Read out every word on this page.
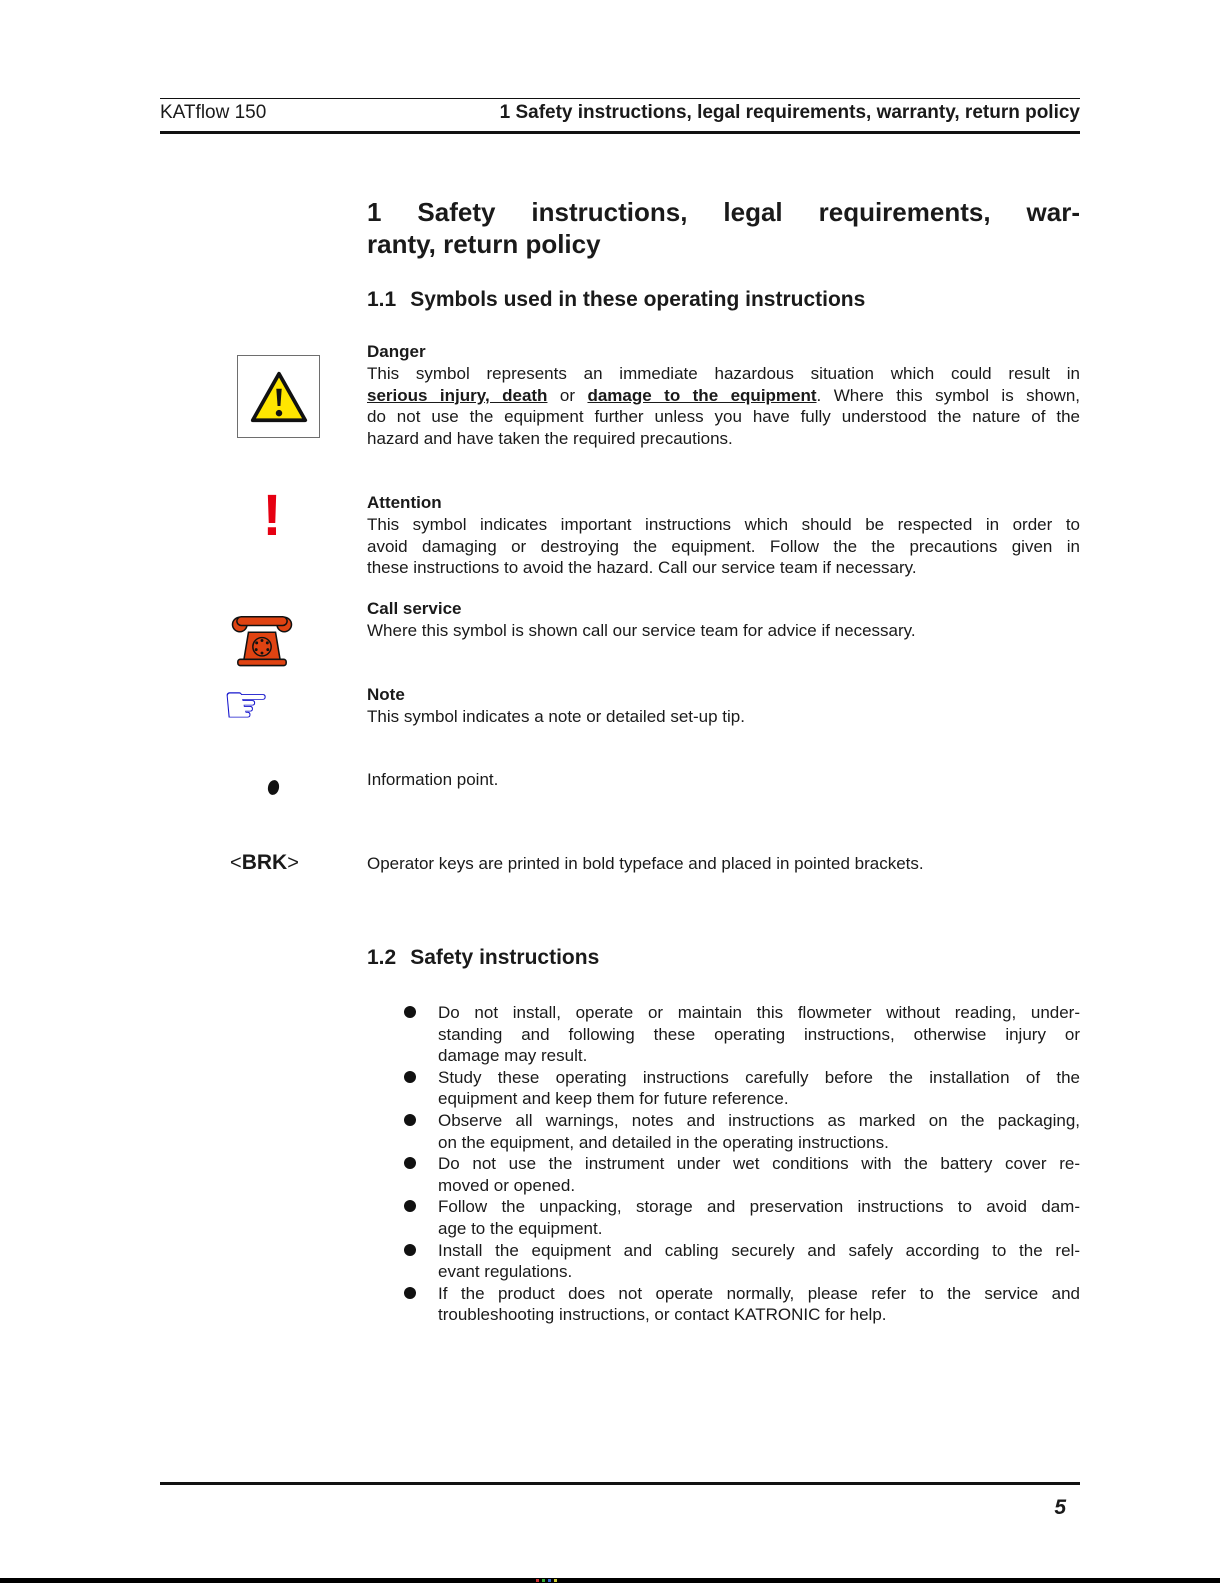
KATflow 150	1 Safety instructions, legal requirements, warranty, return policy
1 Safety instructions, legal requirements, war-
ranty, return policy
1.1 Symbols used in these operating instructions
Danger
This symbol represents an immediate hazardous situation which could result in
serious injury, death or damage to the equipment. Where this symbol is shown,
do not use the equipment further unless you have fully understood the nature of the
hazard and have taken the required precautions.
!	Attention
This symbol indicates important instructions which should be respected in order to
avoid damaging or destroying the equipment. Follow the the precautions given in
these instructions to avoid the hazard. Call our service team if necessary.
Call service
Where this symbol is shown call our service team for advice if necessary.
☞	Note
This symbol indicates a note or detailed set-up tip.
Information point.
<BRK>	Operator keys are printed in bold typeface and placed in pointed brackets.
1.2 Safety instructions
Do not install, operate or maintain this flowmeter without reading, under-
standing and following these operating instructions, otherwise injury or
damage may result.
Study these operating instructions carefully before the installation of the
equipment and keep them for future reference.
Observe all warnings, notes and instructions as marked on the packaging,
on the equipment, and detailed in the operating instructions.
Do not use the instrument under wet conditions with the battery cover re-
moved or opened.
Follow the unpacking, storage and preservation instructions to avoid dam-
age to the equipment.
Install the equipment and cabling securely and safely according to the rel-
evant regulations.
If the product does not operate normally, please refer to the service and
troubleshooting instructions, or contact KATRONIC for help.
5
